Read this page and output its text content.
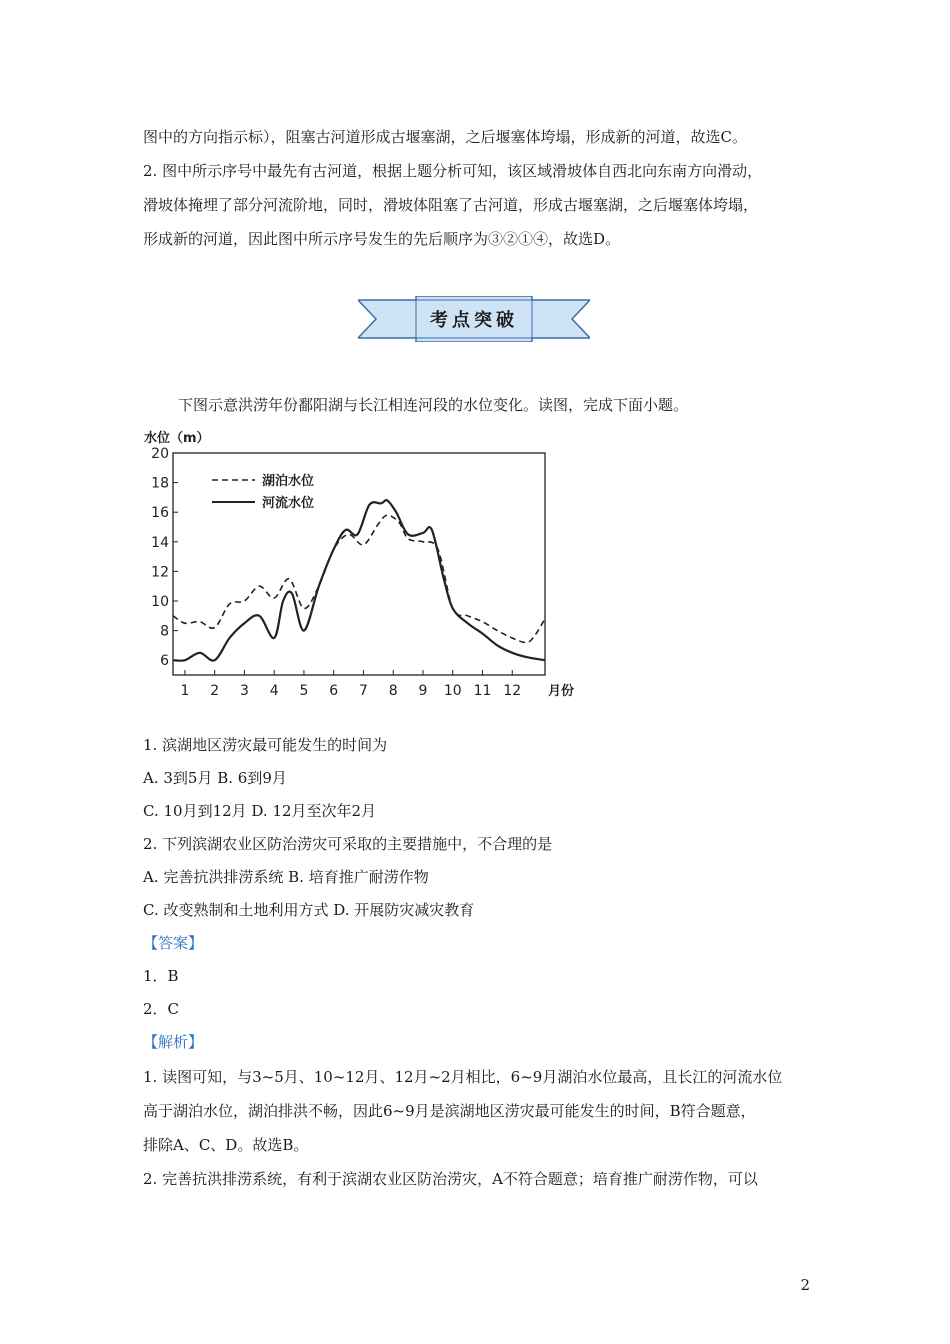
图中的方向指示标），阻塞古河道形成古堰塞湖，之后堰塞体垮塌，形成新的河道，故选C。
2. 图中所示序号中最先有古河道，根据上题分析可知，该区域滑坡体自西北向东南方向滑动，
滑坡体掩埋了部分河流阶地，同时，滑坡体阻塞了古河道，形成古堰塞湖，之后堰塞体垮塌，
形成新的河道，因此图中所示序号发生的先后顺序为③②①④，故选D。
考点突破
下图示意洪涝年份鄱阳湖与长江相连河段的水位变化。读图，完成下面小题。
6
8
10
12
14
16
18
20
1 2 3 4 5 6 7 8 9 10 11 12
水位（m）
月份
湖泊水位
河流水位
1. 滨湖地区涝灾最可能发生的时间为
A. 3到5月 B. 6到9月
C. 10月到12月 D. 12月至次年2月
2. 下列滨湖农业区防治涝灾可采取的主要措施中，不合理的是
A. 完善抗洪排涝系统 B. 培育推广耐涝作物
C. 改变熟制和土地利用方式 D. 开展防灾减灾教育
【答案】
1．B
2．C
【解析】
1. 读图可知，与3~5月、10~12月、12月~2月相比，6~9月湖泊水位最高，且长江的河流水位
高于湖泊水位，湖泊排洪不畅，因此6~9月是滨湖地区涝灾最可能发生的时间，B符合题意，
排除A、C、D。故选B。
2. 完善抗洪排涝系统，有利于滨湖农业区防治涝灾，A不符合题意；培育推广耐涝作物，可以
2
